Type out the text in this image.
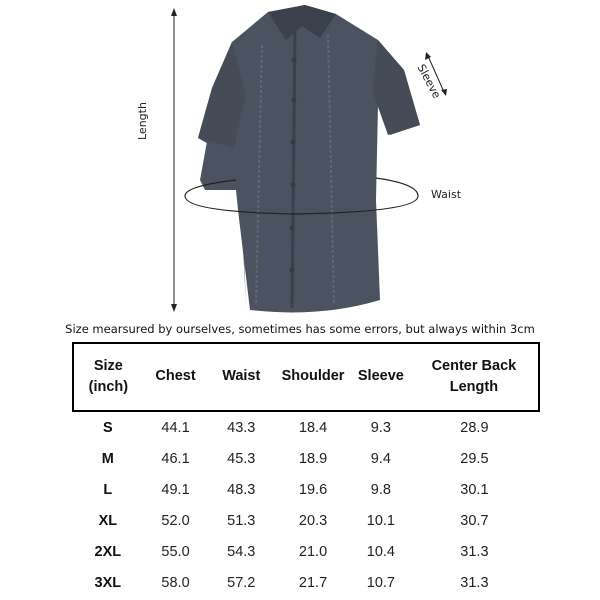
Length
Sleeve
Waist
Size mearsured by ourselves, sometimes has some errors, but always within 3cm
Size
(inch)	Chest	Waist	Shoulder	Sleeve	Center Back
Length
S	44.1	43.3	18.4	9.3	28.9
M	46.1	45.3	18.9	9.4	29.5
L	49.1	48.3	19.6	9.8	30.1
XL	52.0	51.3	20.3	10.1	30.7
2XL	55.0	54.3	21.0	10.4	31.3
3XL	58.0	57.2	21.7	10.7	31.3
